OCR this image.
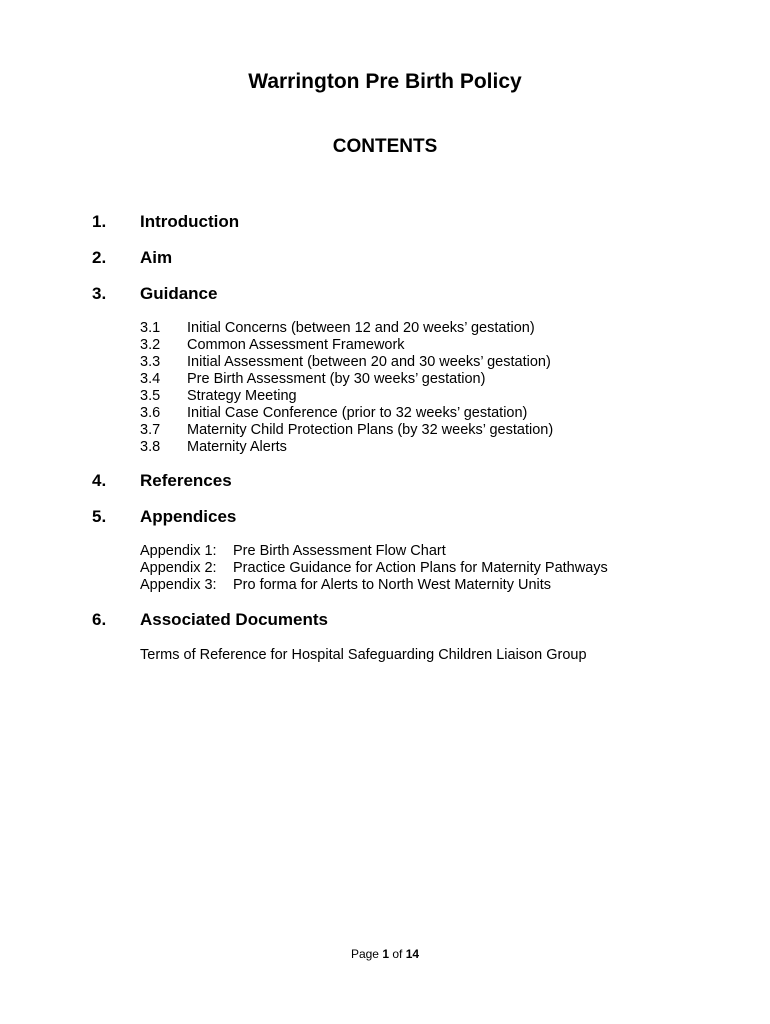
Warrington Pre Birth Policy
CONTENTS
1. Introduction
2. Aim
3. Guidance
3.1 Initial Concerns (between 12 and 20 weeks’ gestation)
3.2 Common Assessment Framework
3.3 Initial Assessment (between 20 and 30 weeks’ gestation)
3.4 Pre Birth Assessment (by 30 weeks’ gestation)
3.5 Strategy Meeting
3.6 Initial Case Conference (prior to 32 weeks’ gestation)
3.7 Maternity Child Protection Plans (by 32 weeks’ gestation)
3.8 Maternity Alerts
4. References
5. Appendices
Appendix 1: Pre Birth Assessment Flow Chart
Appendix 2: Practice Guidance for Action Plans for Maternity Pathways
Appendix 3: Pro forma for Alerts to North West Maternity Units
6. Associated Documents
Terms of Reference for Hospital Safeguarding Children Liaison Group
Page 1 of 14
